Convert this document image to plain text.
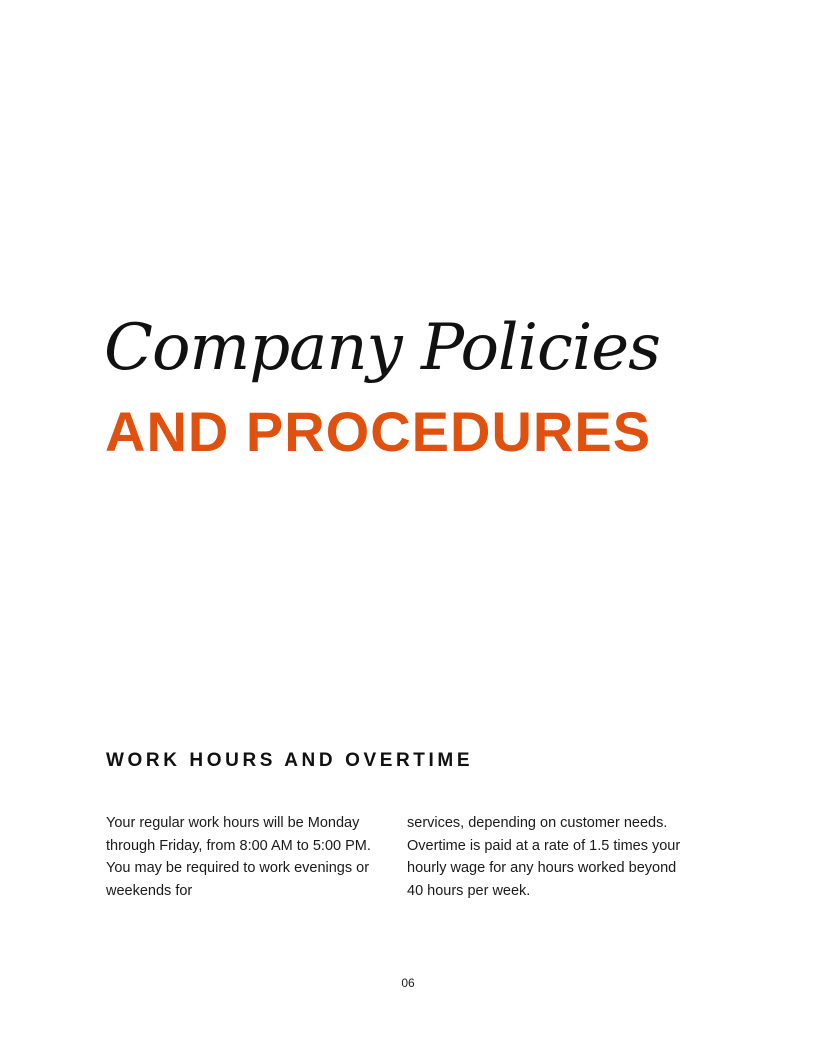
Company Policies
AND PROCEDURES
WORK HOURS AND OVERTIME

Your regular work hours will be Monday through Friday, from 8:00 AM to 5:00 PM. You may be required to work evenings or weekends for

services, depending on customer needs. Overtime is paid at a rate of 1.5 times your hourly wage for any hours worked beyond 40 hours per week.

06
